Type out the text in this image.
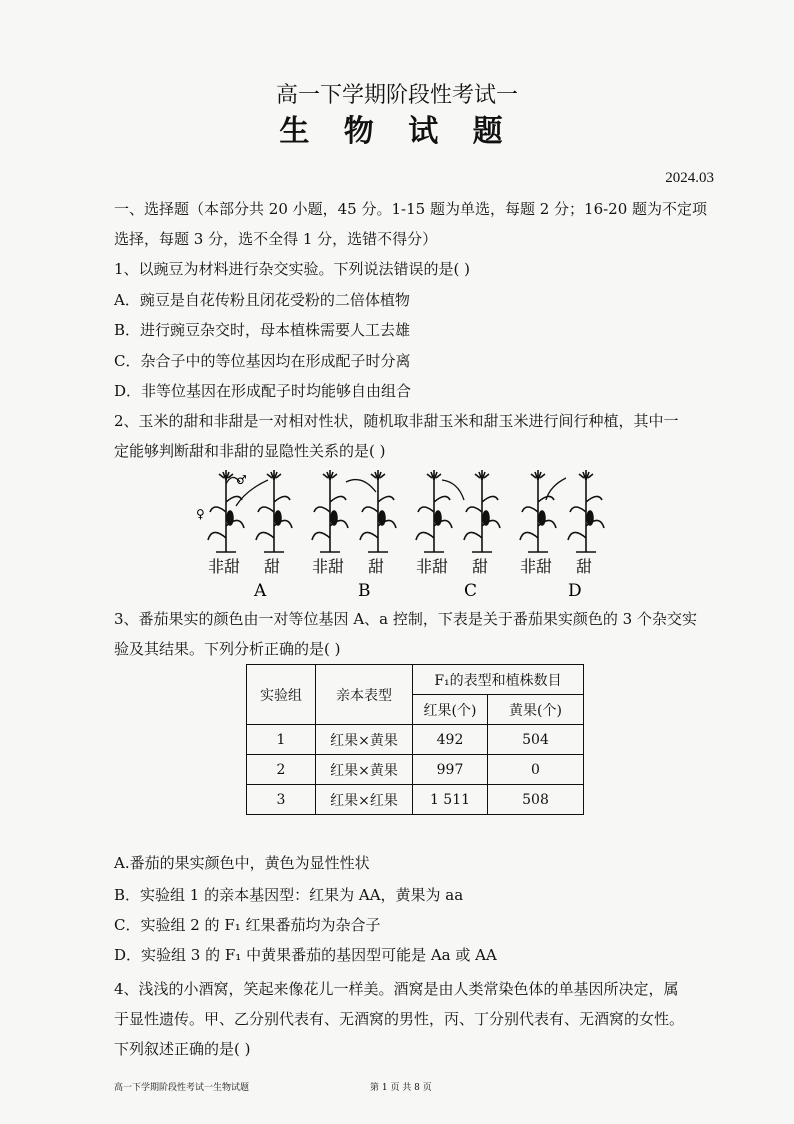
高一下学期阶段性考试一
生 物 试 题
2024.03
一、选择题（本部分共 20 小题，45 分。1-15 题为单选，每题 2 分；16-20 题为不定项
选择，每题 3 分，选不全得 1 分，选错不得分）
1、以豌豆为材料进行杂交实验。下列说法错误的是( )
A．豌豆是自花传粉且闭花受粉的二倍体植物
B．进行豌豆杂交时，母本植株需要人工去雄
C．杂合子中的等位基因均在形成配子时分离
D．非等位基因在形成配子时均能够自由组合
2、玉米的甜和非甜是一对相对性状，随机取非甜玉米和甜玉米进行间行种植，其中一
定能够判断甜和非甜的显隐性关系的是( )
♂
♀
非甜 甜 非甜 甜 非甜 甜 非甜 甜
A	B	C	D
3、番茄果实的颜色由一对等位基因 A、a 控制，下表是关于番茄果实颜色的 3 个杂交实
验及其结果。下列分析正确的是( )
实验组	亲本表型	F₁的表型和植株数目	
		红果(个)	黄果(个)
1	红果×黄果	492	504
2	红果×黄果	997	0
3	红果×红果	1 511	508
A.番茄的果实颜色中，黄色为显性性状
B．实验组 1 的亲本基因型：红果为 AA，黄果为 aa
C．实验组 2 的 F₁ 红果番茄均为杂合子
D．实验组 3 的 F₁ 中黄果番茄的基因型可能是 Aa 或 AA
4、浅浅的小酒窝，笑起来像花儿一样美。酒窝是由人类常染色体的单基因所决定，属
于显性遗传。甲、乙分别代表有、无酒窝的男性，丙、丁分别代表有、无酒窝的女性。
下列叙述正确的是( )
高一下学期阶段性考试一生物试题	第 1 页 共 8 页
